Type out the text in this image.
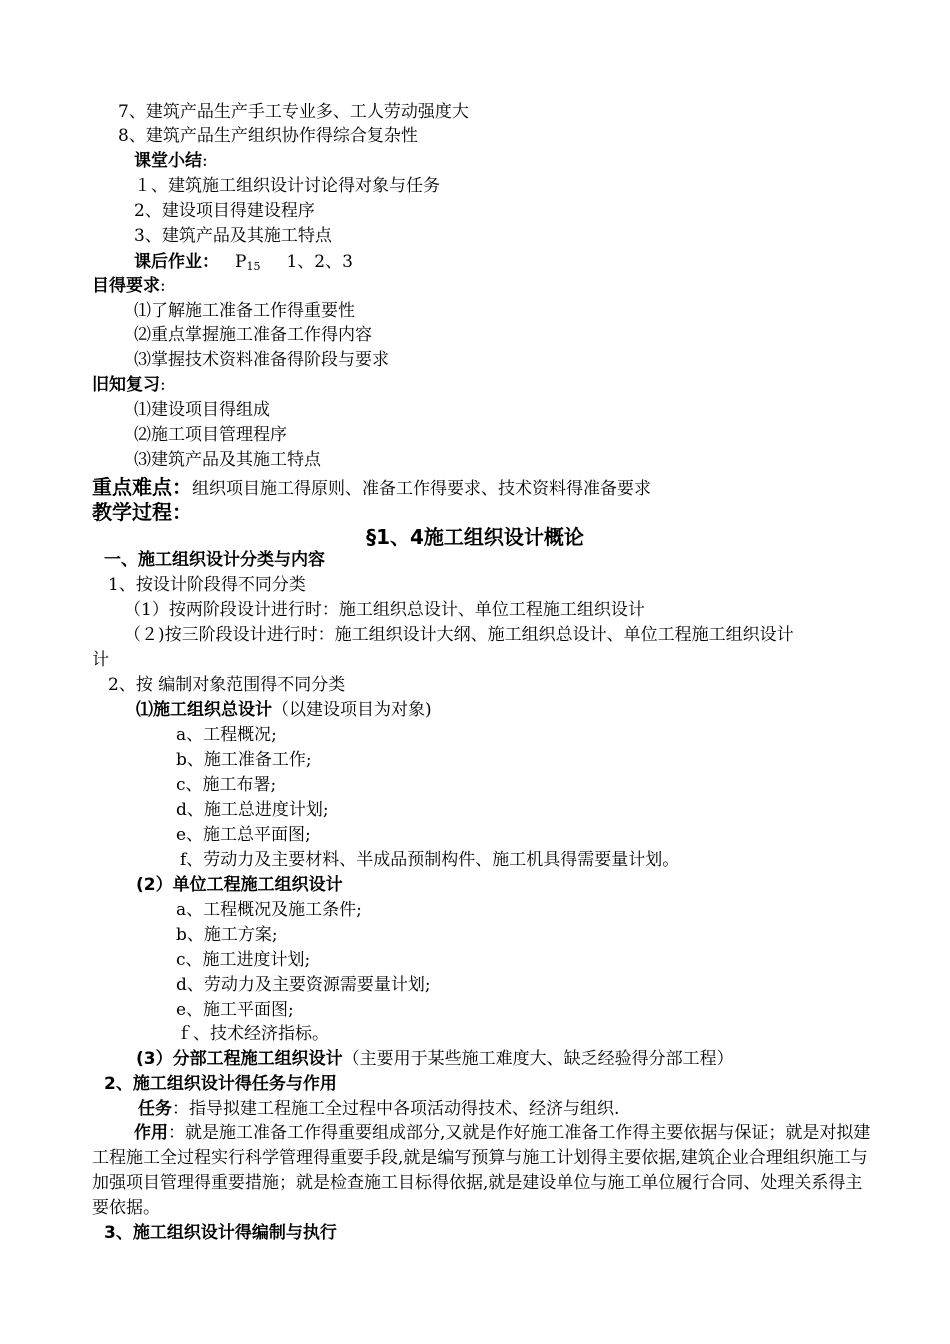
7、建筑产品生产手工专业多、工人劳动强度大
8、建筑产品生产组织协作得综合复杂性
课堂小结:
１、建筑施工组织设计讨论得对象与任务
2、建设项目得建设程序
3、建筑产品及其施工特点
课后作业： $P_{15}$ 1、2、3
目得要求:
⑴了解施工准备工作得重要性
⑵重点掌握施工准备工作得内容
⑶掌握技术资料准备得阶段与要求
旧知复习:
⑴建设项目得组成
⑵施工项目管理程序
⑶建筑产品及其施工特点
重点难点：组织项目施工得原则、准备工作得要求、技术资料得准备要求
教学过程：
§1、4施工组织设计概论
一、施工组织设计分类与内容
1、按设计阶段得不同分类
（1）按两阶段设计进行时：施工组织总设计、单位工程施工组织设计
（２)按三阶段设计进行时：施工组织设计大纲、施工组织总设计、单位工程施工组织设计
计
2、按 编制对象范围得不同分类
⑴施工组织总设计（以建设项目为对象)
a、工程概况;
b、施工准备工作;
c、施工布署;
d、施工总进度计划;
e、施工总平面图;
f、劳动力及主要材料、半成品预制构件、施工机具得需要量计划。
(2）单位工程施工组织设计
a、工程概况及施工条件;
b、施工方案;
c、施工进度计划;
d、劳动力及主要资源需要量计划;
e、施工平面图;
ｆ、技术经济指标。
(3）分部工程施工组织设计（主要用于某些施工难度大、缺乏经验得分部工程）
2、施工组织设计得任务与作用
任务：指导拟建工程施工全过程中各项活动得技术、经济与组织.
作用：就是施工准备工作得重要组成部分,又就是作好施工准备工作得主要依据与保证；就是对拟建工程施工全过程实行科学管理得重要手段,就是编写预算与施工计划得主要依据,建筑企业合理组织施工与加强项目管理得重要措施；就是检查施工目标得依据,就是建设单位与施工单位履行合同、处理关系得主要依据。
3、施工组织设计得编制与执行
